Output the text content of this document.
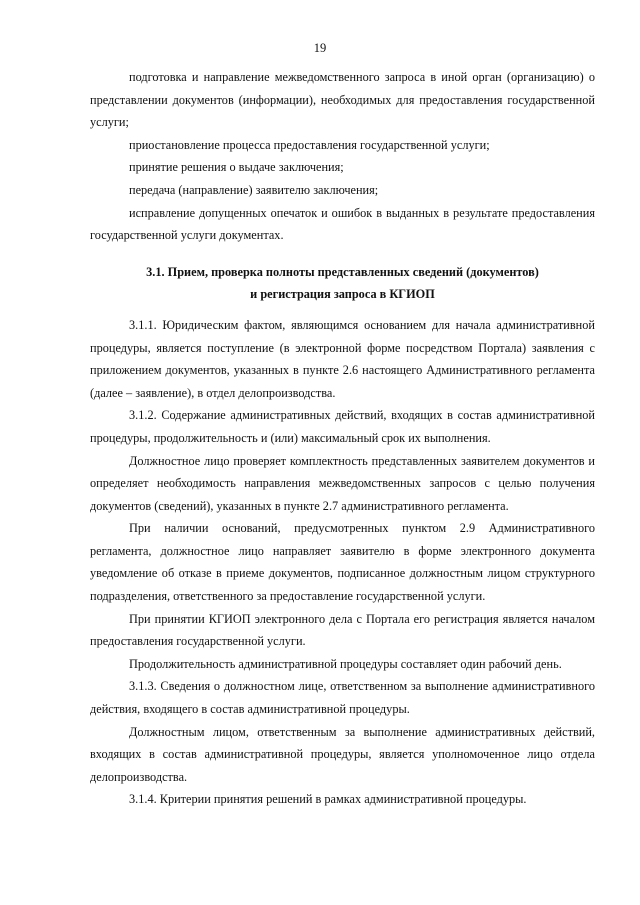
19

подготовка и направление межведомственного запроса в иной орган (организацию) о представлении документов (информации), необходимых для предоставления государственной услуги;

приостановление процесса предоставления государственной услуги;

принятие решения о выдаче заключения;

передача (направление) заявителю заключения;

исправление допущенных опечаток и ошибок в выданных в результате предоставления государственной услуги документах.

3.1. Прием, проверка полноты представленных сведений (документов)
и регистрация запроса в КГИОП

3.1.1. Юридическим фактом, являющимся основанием для начала административной процедуры, является поступление (в электронной форме посредством Портала) заявления с приложением документов, указанных в пункте 2.6 настоящего Административного регламента (далее – заявление), в отдел делопроизводства.

3.1.2. Содержание административных действий, входящих в состав административной процедуры, продолжительность и (или) максимальный срок их выполнения.

Должностное лицо проверяет комплектность представленных заявителем документов и определяет необходимость направления межведомственных запросов с целью получения документов (сведений), указанных в пункте 2.7 административного регламента.

При наличии оснований, предусмотренных пунктом 2.9 Административного регламента, должностное лицо направляет заявителю в форме электронного документа уведомление об отказе в приеме документов, подписанное должностным лицом структурного подразделения, ответственного за предоставление государственной услуги.

При принятии КГИОП электронного дела с Портала его регистрация является началом предоставления государственной услуги.

Продолжительность административной процедуры составляет один рабочий день.

3.1.3. Сведения о должностном лице, ответственном за выполнение административного действия, входящего в состав административной процедуры.

Должностным лицом, ответственным за выполнение административных действий, входящих в состав административной процедуры, является уполномоченное лицо отдела делопроизводства.

3.1.4. Критерии принятия решений в рамках административной процедуры.
